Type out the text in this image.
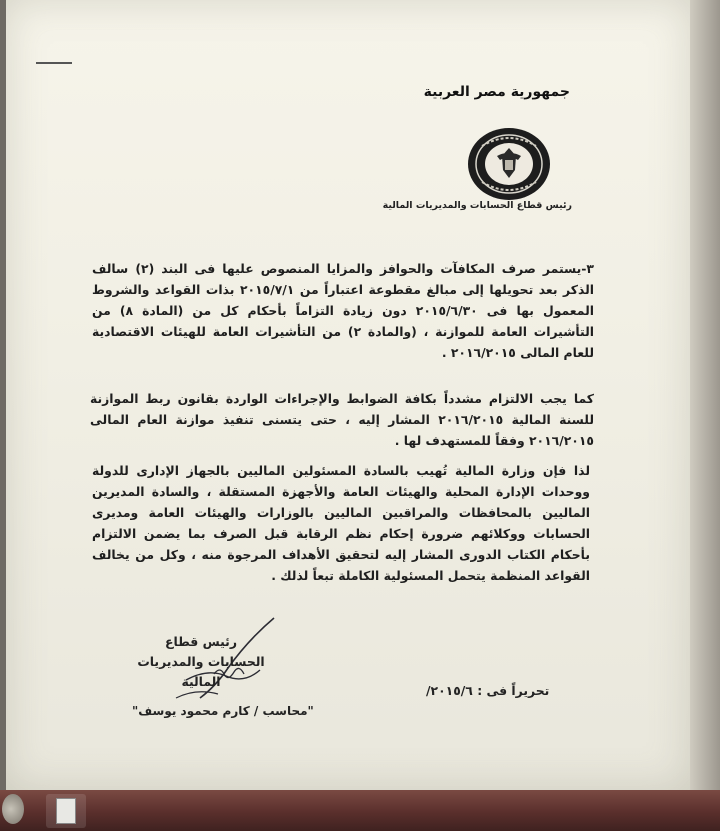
جمهورية مصر العربية
رئيس قطاع الحسابات والمديريات المالية
٣-يستمر صرف المكافآت والحوافز والمزايا المنصوص عليها فى البند (٢) سالف الذكر بعد تحويلها إلى مبالغ مقطوعة اعتباراً من ٢٠١٥/٧/١ بذات القواعد والشروط المعمول بها فى ٢٠١٥/٦/٣٠ دون زيادة التزاماً بأحكام كل من (المادة ٨) من التأشيرات العامة للموازنة ، (والمادة ٢) من التأشيرات العامة للهيئات الاقتصادية للعام المالى ٢٠١٦/٢٠١٥ .
كما يجب الالتزام مشدداً بكافة الضوابط والإجراءات الواردة بقانون ربط الموازنة للسنة المالية ٢٠١٦/٢٠١٥ المشار إليه ، حتى يتسنى تنفيذ موازنة العام المالى ٢٠١٦/٢٠١٥ وفقاً للمستهدف لها .
لذا فإن وزارة المالية تُهيب بالسادة المسئولين الماليين بالجهاز الإدارى للدولة ووحدات الإدارة المحلية والهيئات العامة والأجهزة المستقلة ، والسادة المديرين الماليين بالمحافظات والمراقبين الماليين بالوزارات والهيئات العامة ومديرى الحسابات ووكلائهم ضرورة إحكام نظم الرقابة قبل الصرف بما يضمن الالتزام بأحكام الكتاب الدورى المشار إليه لتحقيق الأهداف المرجوة منه ، وكل من يخالف القواعد المنظمة يتحمل المسئولية الكاملة تبعاً لذلك .
رئيس قطاع
الحسابات والمديريات المالية
تحريراً فى : ٢٠١٥/٦/
"محاسب / كارم محمود يوسف"
